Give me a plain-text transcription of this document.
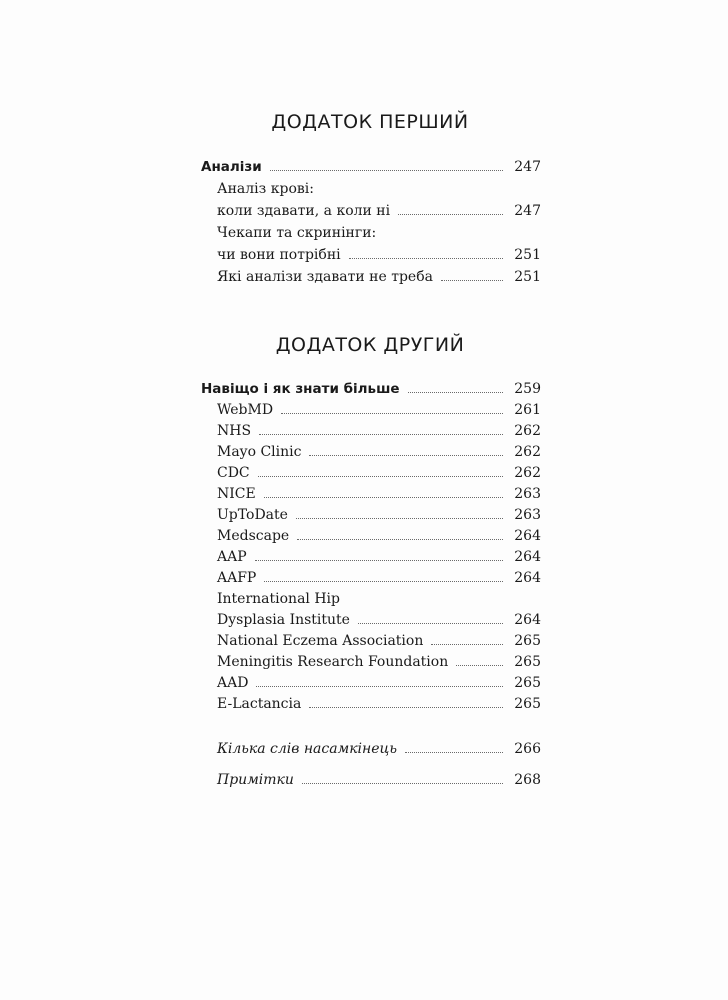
ДОДАТОК ПЕРШИЙ
Аналізи	247
Аналіз крові:
коли здавати, а коли ні	247
Чекапи та скринінги:
чи вони потрібні	251
Які аналізи здавати не треба	251
ДОДАТОК ДРУГИЙ
Навіщо і як знати більше	259
WebMD	261
NHS	262
Mayo Clinic	262
CDC	262
NICE	263
UpToDate	263
Medscape	264
AAP	264
AAFP	264
International Hip
Dysplasia Institute	264
National Eczema Association	265
Meningitis Research Foundation	265
AAD	265
E-Lactancia	265
Кілька слів насамкінець	266
Примітки	268
